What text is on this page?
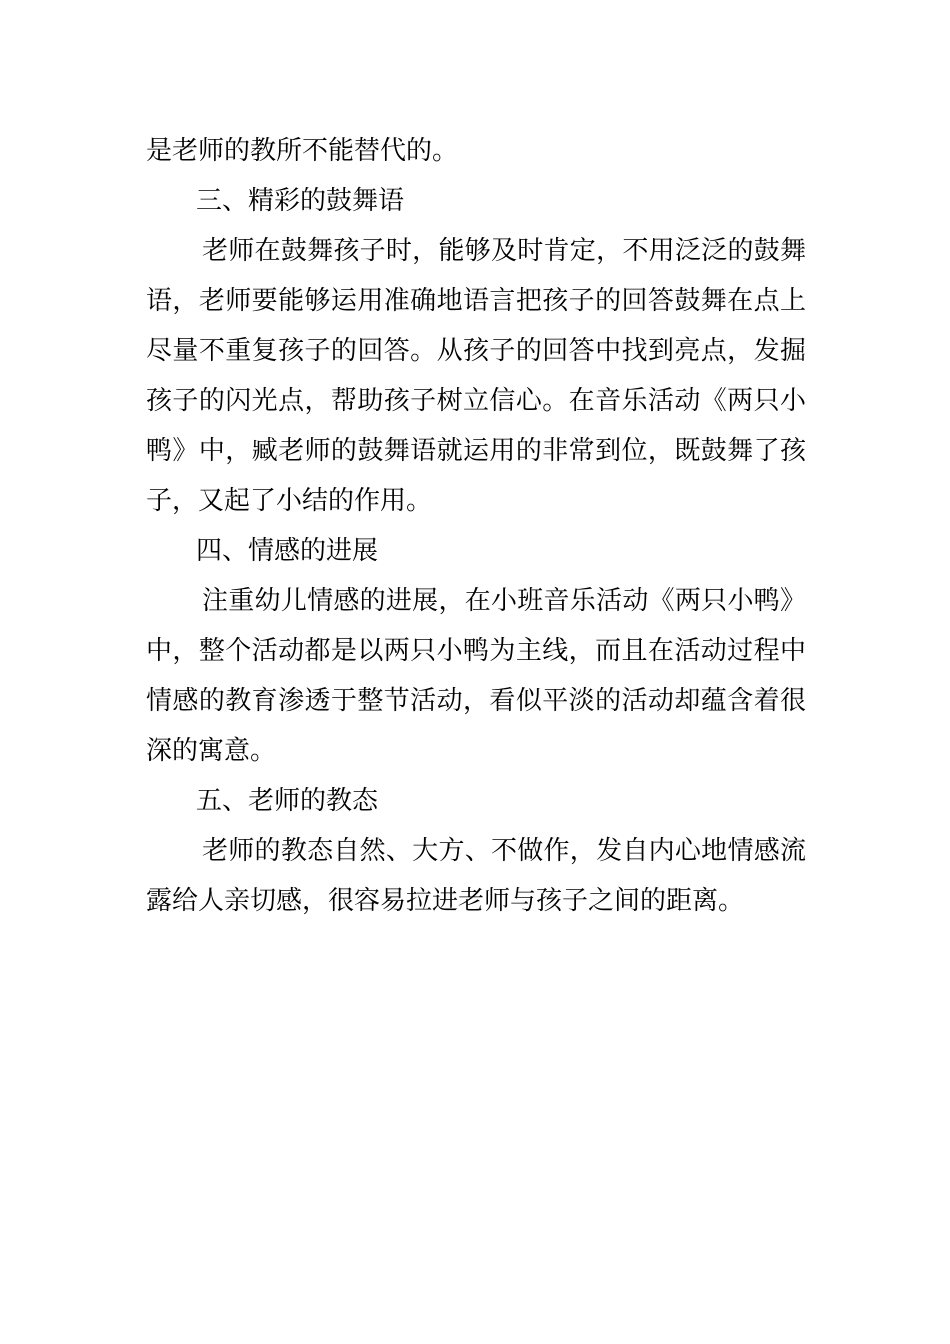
是老师的教所不能替代的。
三、精彩的鼓舞语
老师在鼓舞孩子时，能够及时肯定，不用泛泛的鼓舞
语，老师要能够运用准确地语言把孩子的回答鼓舞在点上
尽量不重复孩子的回答。从孩子的回答中找到亮点，发掘
孩子的闪光点，帮助孩子树立信心。在音乐活动《两只小
鸭》中，臧老师的鼓舞语就运用的非常到位，既鼓舞了孩
子，又起了小结的作用。
四、情感的进展
注重幼儿情感的进展，在小班音乐活动《两只小鸭》
中，整个活动都是以两只小鸭为主线，而且在活动过程中
情感的教育渗透于整节活动，看似平淡的活动却蕴含着很
深的寓意。
五、老师的教态
老师的教态自然、大方、不做作，发自内心地情感流
露给人亲切感，很容易拉进老师与孩子之间的距离。
